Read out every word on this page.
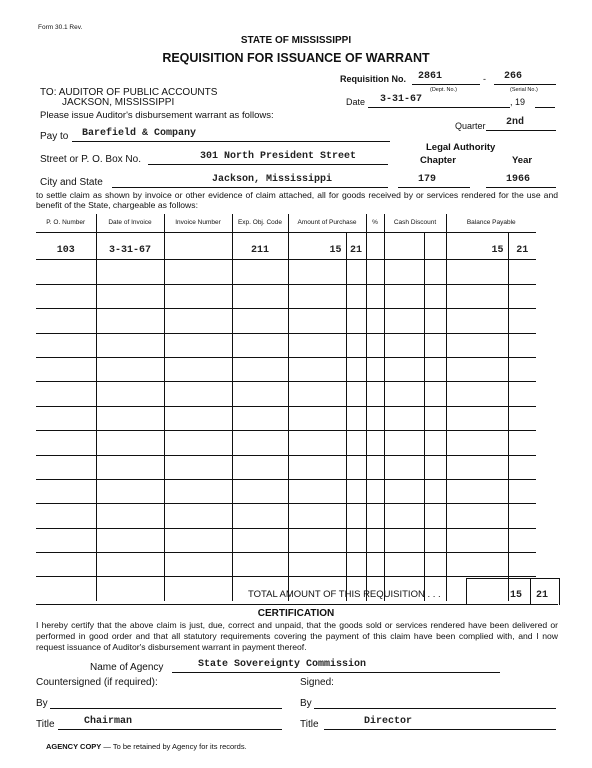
Form 30.1 Rev.
STATE OF MISSISSIPPI
REQUISITION FOR ISSUANCE OF WARRANT
Requisition No. 2861	- 266
(Dept. No.)	(Serial No.)
TO: AUDITOR OF PUBLIC ACCOUNTS
JACKSON, MISSISSIPPI	Date 3-31-67	, 19
Please issue Auditor's disbursement warrant as follows:
Quarter 2nd
Pay to Barefield & Company
Legal Authority
Chapter	Year
Street or P. O. Box No.	301 North President Street
City and State	Jackson, Mississippi	179	1966
to settle claim as shown by invoice or other evidence of claim attached, all for goods received by or services rendered for the use and benefit of the State, chargeable as follows:
P. O. Number	Date of Invoice	Invoice Number	Exp. Obj. Code	Amount of Purchase		%	Cash Discount		Balance Payable	
103	3-31-67		211	15	21				15	21

TOTAL AMOUNT OF THIS REQUISITION . . .	15 21
CERTIFICATION
I hereby certify that the above claim is just, due, correct and unpaid, that the goods sold or services rendered have been delivered or performed in good order and that all statutory requirements covering the payment of this claim have been complied with, and I now request issuance of Auditor's disbursement warrant in payment thereof.
Name of Agency	State Sovereignty Commission
Countersigned (if required):	Signed:
By	By
Title	Chairman	Title	Director
AGENCY COPY — To be retained by Agency for its records.
